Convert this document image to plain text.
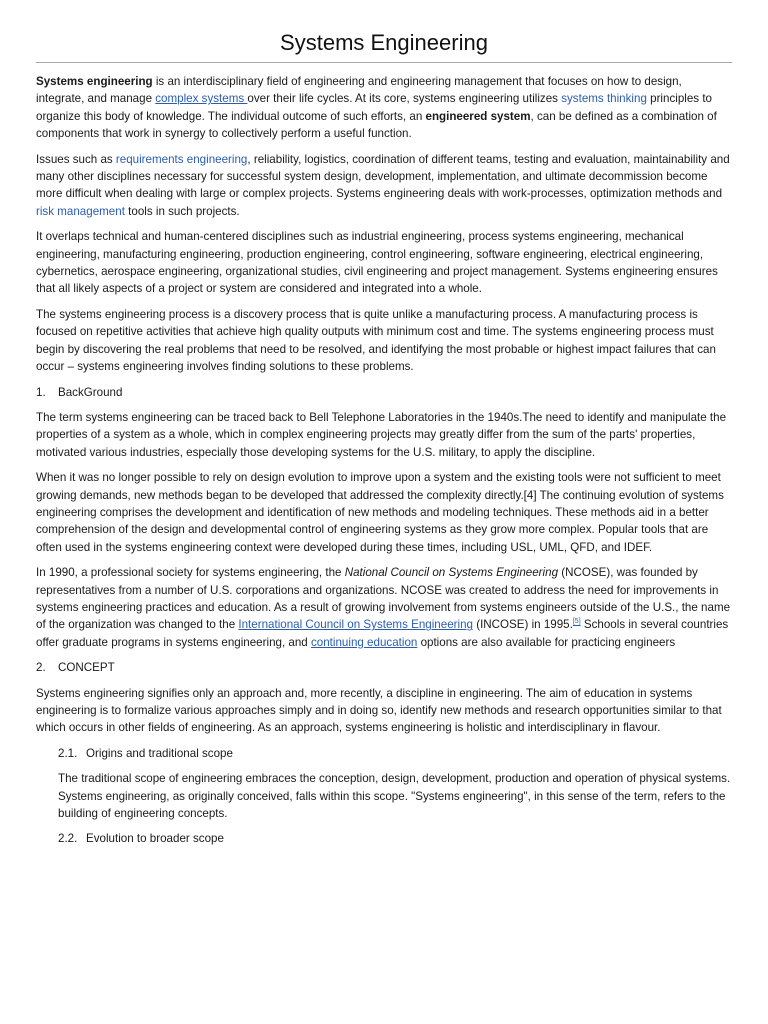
Systems Engineering

Systems engineering is an interdisciplinary field of engineering and engineering management that focuses on how to design, integrate, and manage complex systems over their life cycles. At its core, systems engineering utilizes systems thinking principles to organize this body of knowledge. The individual outcome of such efforts, an engineered system, can be defined as a combination of components that work in synergy to collectively perform a useful function.

Issues such as requirements engineering, reliability, logistics, coordination of different teams, testing and evaluation, maintainability and many other disciplines necessary for successful system design, development, implementation, and ultimate decommission become more difficult when dealing with large or complex projects. Systems engineering deals with work-processes, optimization methods and risk management tools in such projects.

It overlaps technical and human-centered disciplines such as industrial engineering, process systems engineering, mechanical engineering, manufacturing engineering, production engineering, control engineering, software engineering, electrical engineering, cybernetics, aerospace engineering, organizational studies, civil engineering and project management. Systems engineering ensures that all likely aspects of a project or system are considered and integrated into a whole.

The systems engineering process is a discovery process that is quite unlike a manufacturing process. A manufacturing process is focused on repetitive activities that achieve high quality outputs with minimum cost and time. The systems engineering process must begin by discovering the real problems that need to be resolved, and identifying the most probable or highest impact failures that can occur – systems engineering involves finding solutions to these problems.

1. BackGround

The term systems engineering can be traced back to Bell Telephone Laboratories in the 1940s.The need to identify and manipulate the properties of a system as a whole, which in complex engineering projects may greatly differ from the sum of the parts' properties, motivated various industries, especially those developing systems for the U.S. military, to apply the discipline.

When it was no longer possible to rely on design evolution to improve upon a system and the existing tools were not sufficient to meet growing demands, new methods began to be developed that addressed the complexity directly.[4] The continuing evolution of systems engineering comprises the development and identification of new methods and modeling techniques. These methods aid in a better comprehension of the design and developmental control of engineering systems as they grow more complex. Popular tools that are often used in the systems engineering context were developed during these times, including USL, UML, QFD, and IDEF.

In 1990, a professional society for systems engineering, the National Council on Systems Engineering (NCOSE), was founded by representatives from a number of U.S. corporations and organizations. NCOSE was created to address the need for improvements in systems engineering practices and education. As a result of growing involvement from systems engineers outside of the U.S., the name of the organization was changed to the International Council on Systems Engineering (INCOSE) in 1995.[5] Schools in several countries offer graduate programs in systems engineering, and continuing education options are also available for practicing engineers

2. CONCEPT

Systems engineering signifies only an approach and, more recently, a discipline in engineering. The aim of education in systems engineering is to formalize various approaches simply and in doing so, identify new methods and research opportunities similar to that which occurs in other fields of engineering. As an approach, systems engineering is holistic and interdisciplinary in flavour.

2.1. Origins and traditional scope

The traditional scope of engineering embraces the conception, design, development, production and operation of physical systems. Systems engineering, as originally conceived, falls within this scope. "Systems engineering", in this sense of the term, refers to the building of engineering concepts.

2.2. Evolution to broader scope
